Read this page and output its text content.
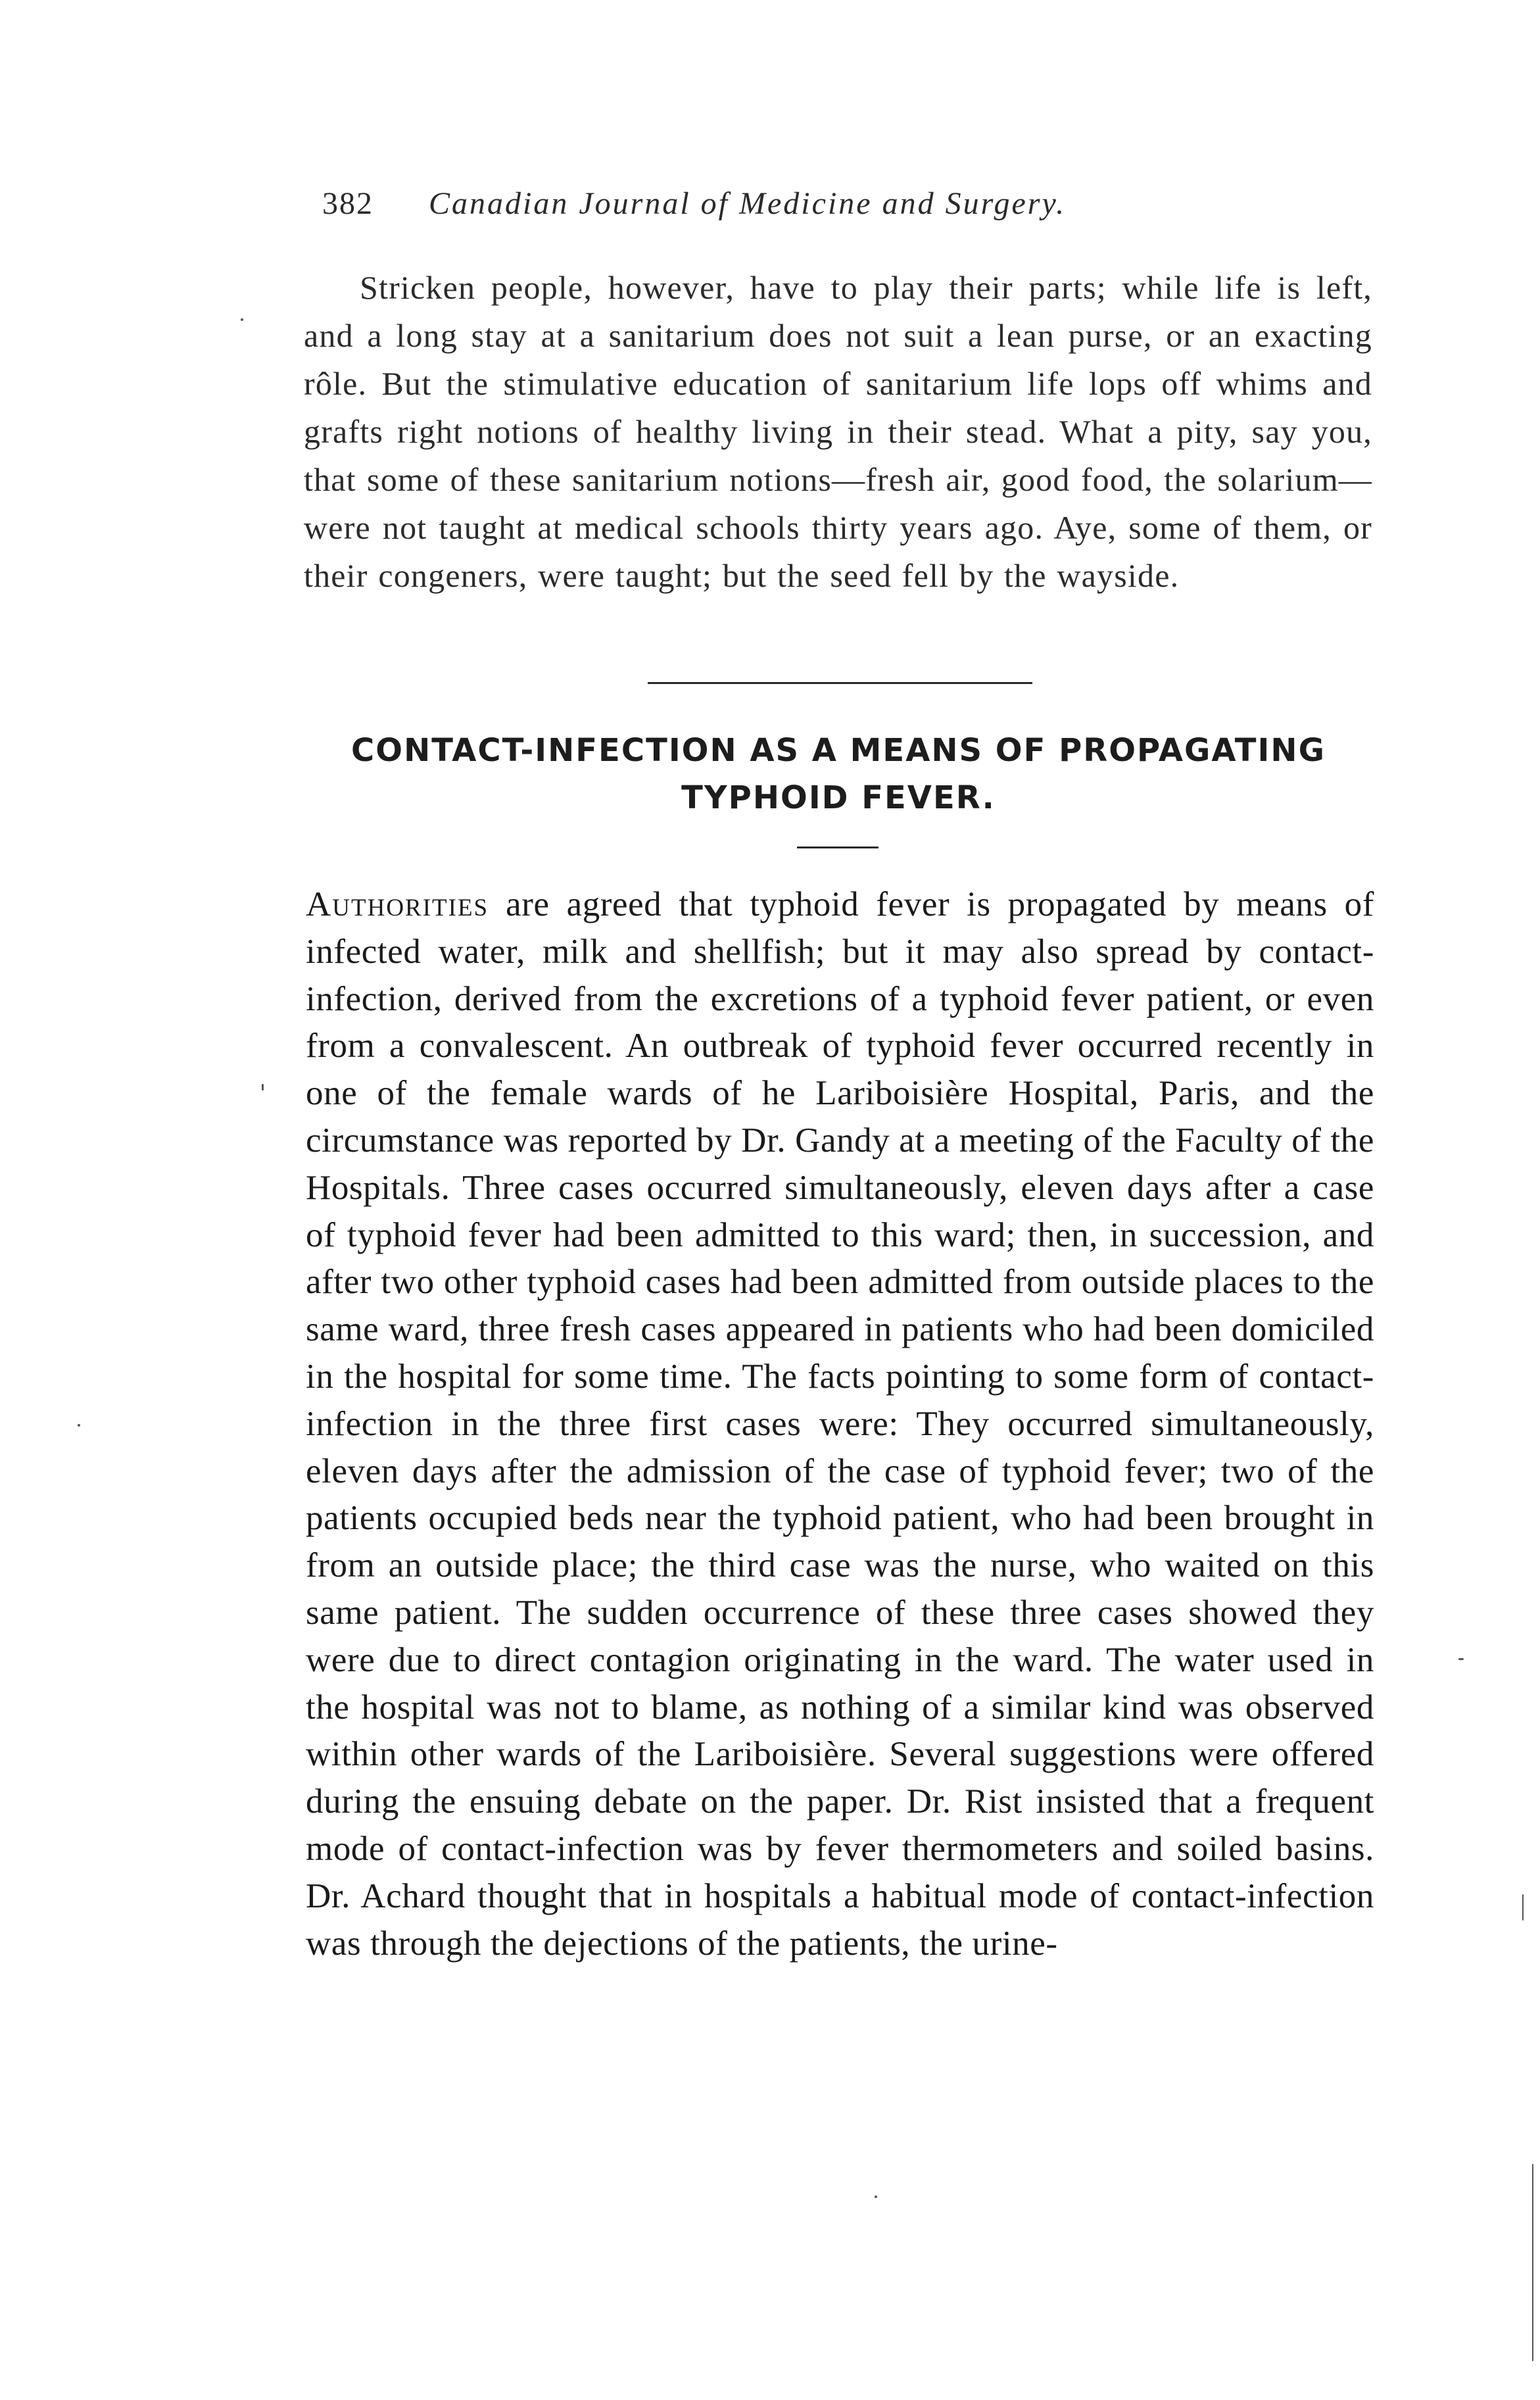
382 Canadian Journal of Medicine and Surgery.

Stricken people, however, have to play their parts; while life is left, and a long stay at a sanitarium does not suit a lean purse, or an exacting rôle. But the stimulative education of sanitarium life lops off whims and grafts right notions of healthy living in their stead. What a pity, say you, that some of these sanitarium notions—fresh air, good food, the solarium—were not taught at medical schools thirty years ago. Aye, some of them, or their congeners, were taught; but the seed fell by the wayside.

CONTACT-INFECTION AS A MEANS OF PROPAGATING
TYPHOID FEVER.

Authorities are agreed that typhoid fever is propagated by means of infected water, milk and shellfish; but it may also spread by contact-infection, derived from the excretions of a typhoid fever patient, or even from a convalescent. An outbreak of typhoid fever occurred recently in one of the female wards of he Lariboisière Hospital, Paris, and the circumstance was reported by Dr. Gandy at a meeting of the Faculty of the Hospitals. Three cases occurred simultaneously, eleven days after a case of typhoid fever had been admitted to this ward; then, in succession, and after two other typhoid cases had been admitted from outside places to the same ward, three fresh cases appeared in patients who had been domiciled in the hospital for some time. The facts pointing to some form of contact-infection in the three first cases were: They occurred simultaneously, eleven days after the admission of the case of typhoid fever; two of the patients occupied beds near the typhoid patient, who had been brought in from an outside place; the third case was the nurse, who waited on this same patient. The sudden occurrence of these three cases showed they were due to direct contagion originating in the ward. The water used in the hospital was not to blame, as nothing of a similar kind was observed within other wards of the Lariboisière. Several suggestions were offered during the ensuing debate on the paper. Dr. Rist insisted that a frequent mode of contact-infection was by fever thermometers and soiled basins. Dr. Achard thought that in hospitals a habitual mode of contact-infection was through the dejections of the patients, the urine-
